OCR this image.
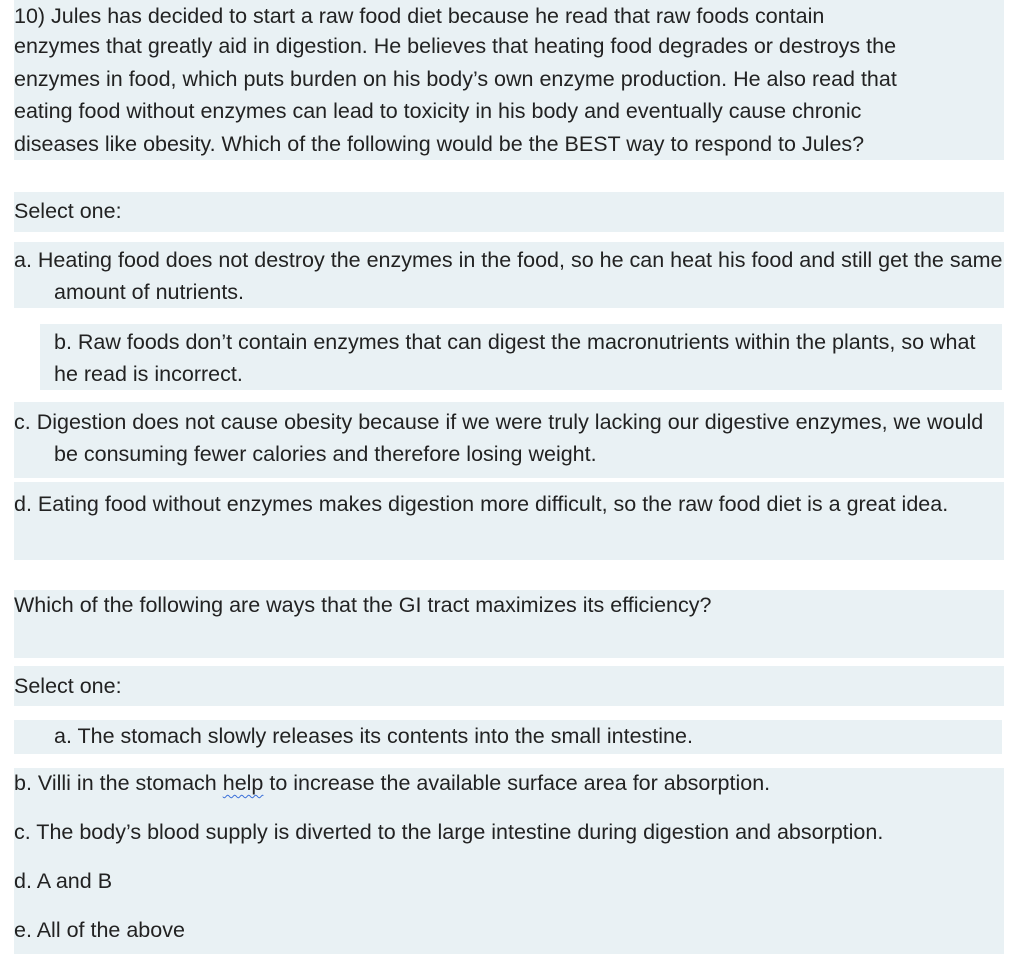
10) Jules has decided to start a raw food diet because he read that raw foods contain
enzymes that greatly aid in digestion. He believes that heating food degrades or destroys the
enzymes in food, which puts burden on his body’s own enzyme production. He also read that
eating food without enzymes can lead to toxicity in his body and eventually cause chronic
diseases like obesity. Which of the following would be the BEST way to respond to Jules?
Select one:
a. Heating food does not destroy the enzymes in the food, so he can heat his food and still get the same amount of nutrients.
b. Raw foods don’t contain enzymes that can digest the macronutrients within the plants, so what he read is incorrect.
c. Digestion does not cause obesity because if we were truly lacking our digestive enzymes, we would be consuming fewer calories and therefore losing weight.
d. Eating food without enzymes makes digestion more difficult, so the raw food diet is a great idea.
Which of the following are ways that the GI tract maximizes its efficiency?
Select one:
a. The stomach slowly releases its contents into the small intestine.
b. Villi in the stomach help to increase the available surface area for absorption.
c. The body’s blood supply is diverted to the large intestine during digestion and absorption.
d. A and B
e. All of the above
